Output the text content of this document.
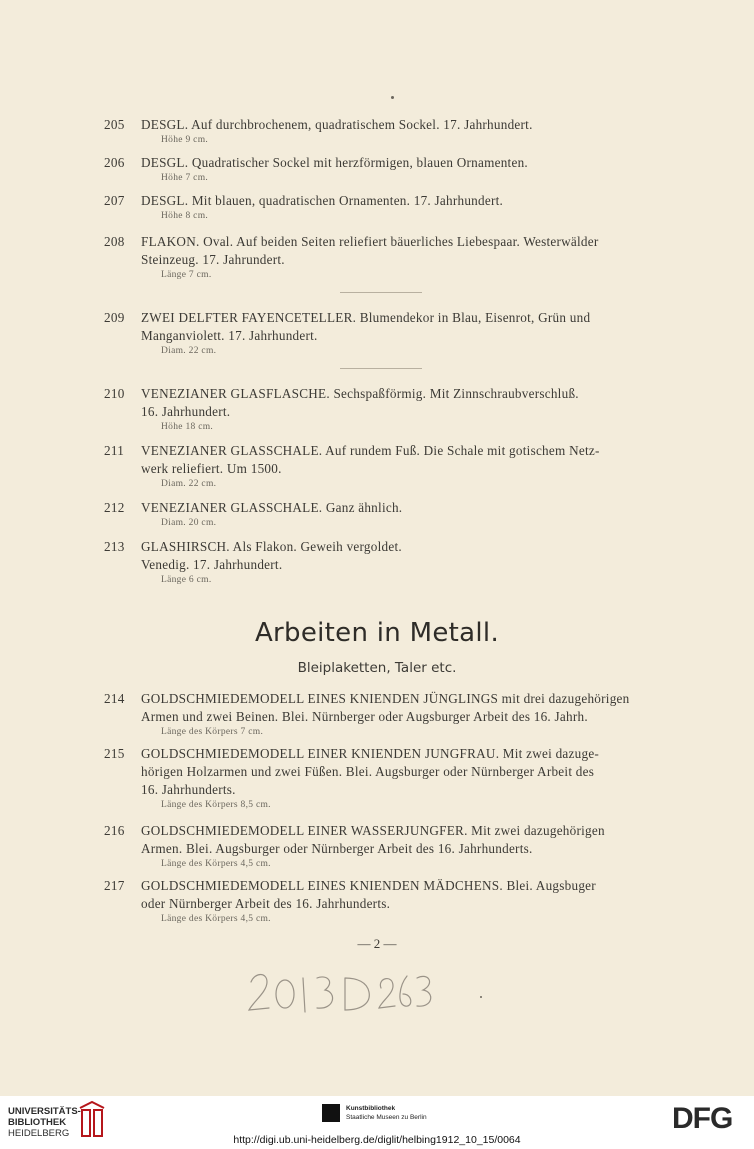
205	DESGL. Auf durchbrochenem, quadratischem Sockel. 17. Jahrhundert.
Höhe 9 cm.
206	DESGL. Quadratischer Sockel mit herzförmigen, blauen Ornamenten.
Höhe 7 cm.
207	DESGL. Mit blauen, quadratischen Ornamenten. 17. Jahrhundert.
Höhe 8 cm.
208	FLAKON. Oval. Auf beiden Seiten reliefiert bäuerliches Liebespaar. Westerwälder
Steinzeug. 17. Jahrundert.
Länge 7 cm.
209	ZWEI DELFTER FAYENCETELLER. Blumendekor in Blau, Eisenrot, Grün und
Manganviolett. 17. Jahrhundert.
Diam. 22 cm.
210	VENEZIANER GLASFLASCHE. Sechspaßförmig. Mit Zinnschraubverschluß.
16. Jahrhundert.
Höhe 18 cm.
211	VENEZIANER GLASSCHALE. Auf rundem Fuß. Die Schale mit gotischem Netz-
werk reliefiert. Um 1500.
Diam. 22 cm.
212	VENEZIANER GLASSCHALE. Ganz ähnlich.
Diam. 20 cm.
213	GLASHIRSCH. Als Flakon. Geweih vergoldet.
Venedig. 17. Jahrhundert.
Länge 6 cm.
Arbeiten in Metall.
Bleiplaketten, Taler etc.
214	GOLDSCHMIEDEMODELL EINES KNIENDEN JÜNGLINGS mit drei dazugehörigen
Armen und zwei Beinen. Blei. Nürnberger oder Augsburger Arbeit des 16. Jahrh.
Länge des Körpers 7 cm.
215	GOLDSCHMIEDEMODELL EINER KNIENDEN JUNGFRAU. Mit zwei dazuge-
hörigen Holzarmen und zwei Füßen. Blei. Augsburger oder Nürnberger Arbeit des
16. Jahrhunderts.
Länge des Körpers 8,5 cm.
216	GOLDSCHMIEDEMODELL EINER WASSERJUNGFER. Mit zwei dazugehörigen
Armen. Blei. Augsburger oder Nürnberger Arbeit des 16. Jahrhunderts.
Länge des Körpers 4,5 cm.
217	GOLDSCHMIEDEMODELL EINES KNIENDEN MÄDCHENS. Blei. Augsbuger
oder Nürnberger Arbeit des 16. Jahrhunderts.
Länge des Körpers 4,5 cm.
— 2 —
UNIVERSITÄTS-
BIBLIOTHEK
HEIDELBERG
Kunstbibliothek
Staatliche Museen zu Berlin	DFG
http://digi.ub.uni-heidelberg.de/diglit/helbing1912_10_15/0064
